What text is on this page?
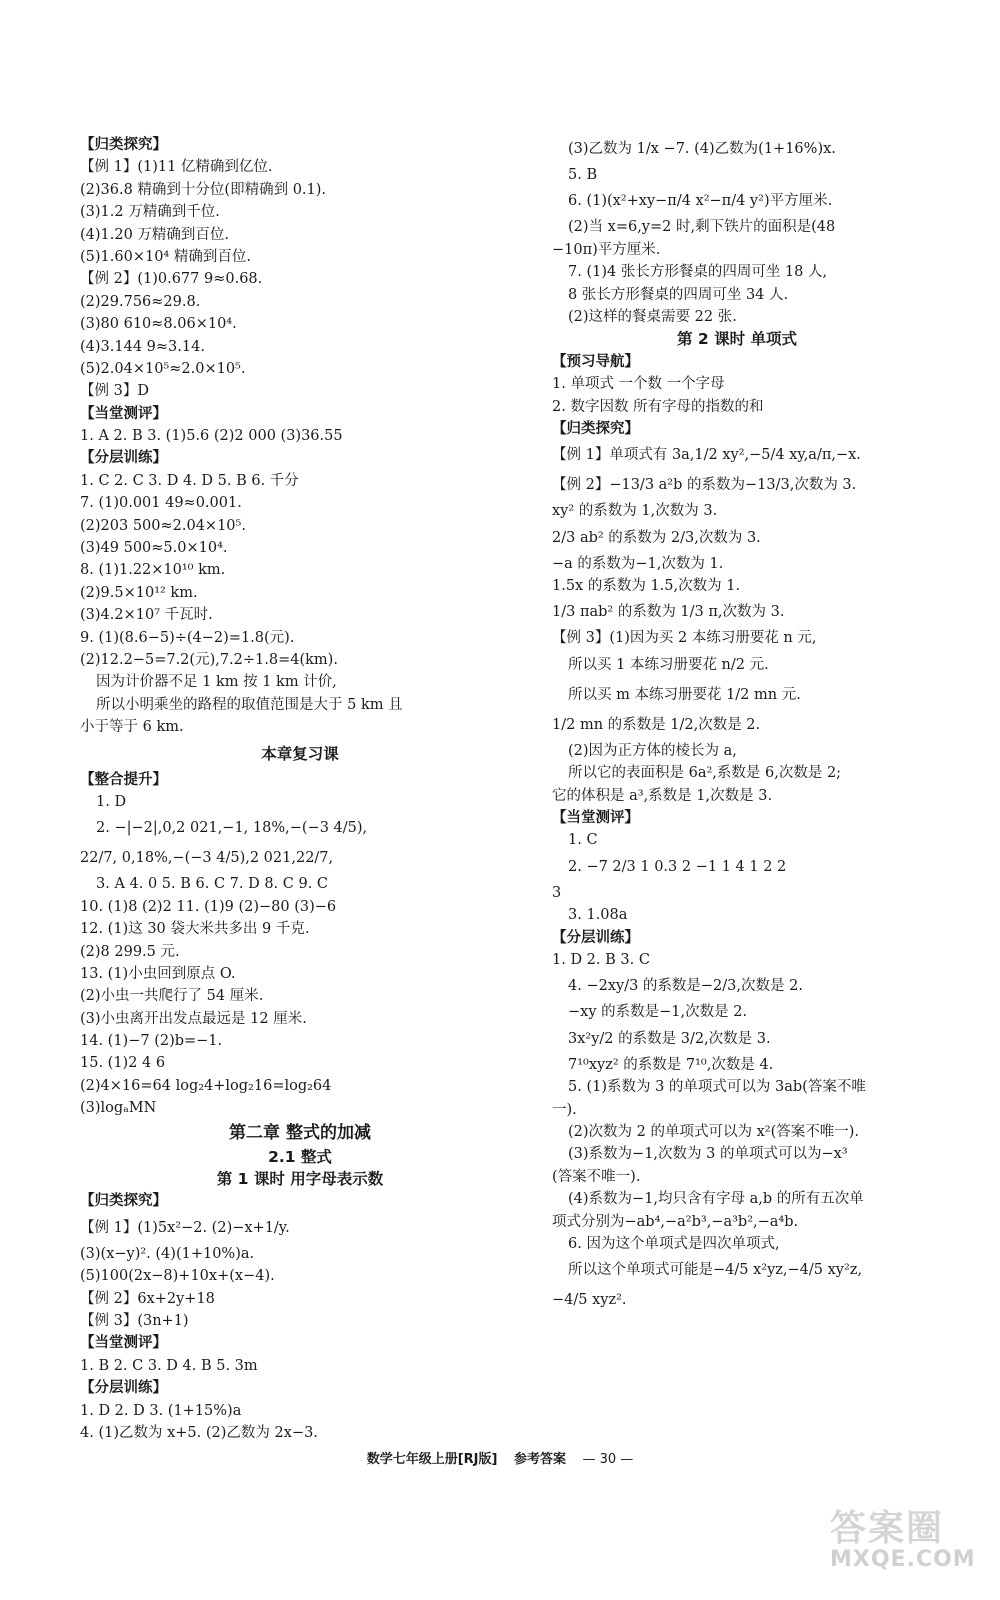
【归类探究】
【例 1】(1)11 亿精确到亿位.
(2)36.8 精确到十分位(即精确到 0.1).
(3)1.2 万精确到千位.
(4)1.20 万精确到百位.
(5)1.60×10⁴ 精确到百位.
【例 2】(1)0.677 9≈0.68.
(2)29.756≈29.8.
(3)80 610≈8.06×10⁴.
(4)3.144 9≈3.14.
(5)2.04×10⁵≈2.0×10⁵.
【例 3】D
【当堂测评】
1. A 2. B 3. (1)5.6 (2)2 000 (3)36.55
【分层训练】
1. C 2. C 3. D 4. D 5. B 6. 千分
7. (1)0.001 49≈0.001.
(2)203 500≈2.04×10⁵.
(3)49 500≈5.0×10⁴.
8. (1)1.22×10¹⁰ km.
(2)9.5×10¹² km.
(3)4.2×10⁷ 千瓦时.
9. (1)(8.6−5)÷(4−2)=1.8(元).
(2)12.2−5=7.2(元),7.2÷1.8=4(km).
因为计价器不足 1 km 按 1 km 计价,
所以小明乘坐的路程的取值范围是大于 5 km 且
小于等于 6 km.
本章复习课
【整合提升】
1. D
2. −|−2|,0,2 021,−1, 18%,−(−3 4/5),
22/7, 0,18%,−(−3 4/5),2 021,22/7,
3. A 4. 0 5. B 6. C 7. D 8. C 9. C
10. (1)8 (2)2 11. (1)9 (2)−80 (3)−6
12. (1)这 30 袋大米共多出 9 千克.
(2)8 299.5 元.
13. (1)小虫回到原点 O.
(2)小虫一共爬行了 54 厘米.
(3)小虫离开出发点最远是 12 厘米.
14. (1)−7 (2)b=−1.
15. (1)2 4 6
(2)4×16=64 log₂4+log₂16=log₂64
(3)logₐMN
第二章 整式的加减
2.1 整式
第 1 课时 用字母表示数
【归类探究】
【例 1】(1)5x²−2. (2)−x+1/y.
(3)(x−y)². (4)(1+10%)a.
(5)100(2x−8)+10x+(x−4).
【例 2】6x+2y+18
【例 3】(3n+1)
【当堂测评】
1. B 2. C 3. D 4. B 5. 3m
【分层训练】
1. D 2. D 3. (1+15%)a
4. (1)乙数为 x+5. (2)乙数为 2x−3.
(3)乙数为 1/x −7. (4)乙数为(1+16%)x.
5. B
6. (1)(x²+xy−π/4 x²−π/4 y²)平方厘米.
(2)当 x=6,y=2 时,剩下铁片的面积是(48
−10π)平方厘米.
7. (1)4 张长方形餐桌的四周可坐 18 人,
8 张长方形餐桌的四周可坐 34 人.
(2)这样的餐桌需要 22 张.
第 2 课时 单项式
【预习导航】
1. 单项式 一个数 一个字母
2. 数字因数 所有字母的指数的和
【归类探究】
【例 1】单项式有 3a,1/2 xy²,−5/4 xy,a/π,−x.
【例 2】−13/3 a²b 的系数为−13/3,次数为 3.
xy² 的系数为 1,次数为 3.
2/3 ab² 的系数为 2/3,次数为 3.
−a 的系数为−1,次数为 1.
1.5x 的系数为 1.5,次数为 1.
1/3 πab² 的系数为 1/3 π,次数为 3.
【例 3】(1)因为买 2 本练习册要花 n 元,
所以买 1 本练习册要花 n/2 元.
所以买 m 本练习册要花 1/2 mn 元.
1/2 mn 的系数是 1/2,次数是 2.
(2)因为正方体的棱长为 a,
所以它的表面积是 6a²,系数是 6,次数是 2;
它的体积是 a³,系数是 1,次数是 3.
【当堂测评】
1. C
2. −7 2/3 1 0.3 2 −1 1 4 1 2 2
3
3. 1.08a
【分层训练】
1. D 2. B 3. C
4. −2xy/3 的系数是−2/3,次数是 2.
−xy 的系数是−1,次数是 2.
3x²y/2 的系数是 3/2,次数是 3.
7¹⁰xyz² 的系数是 7¹⁰,次数是 4.
5. (1)系数为 3 的单项式可以为 3ab(答案不唯
一).
(2)次数为 2 的单项式可以为 x²(答案不唯一).
(3)系数为−1,次数为 3 的单项式可以为−x³
(答案不唯一).
(4)系数为−1,均只含有字母 a,b 的所有五次单
项式分别为−ab⁴,−a²b³,−a³b²,−a⁴b.
6. 因为这个单项式是四次单项式,
所以这个单项式可能是−4/5 x²yz,−4/5 xy²z,
−4/5 xyz².
数学七年级上册[RJ版] 参考答案 — 30 —
答案圈
MXQE.COM
